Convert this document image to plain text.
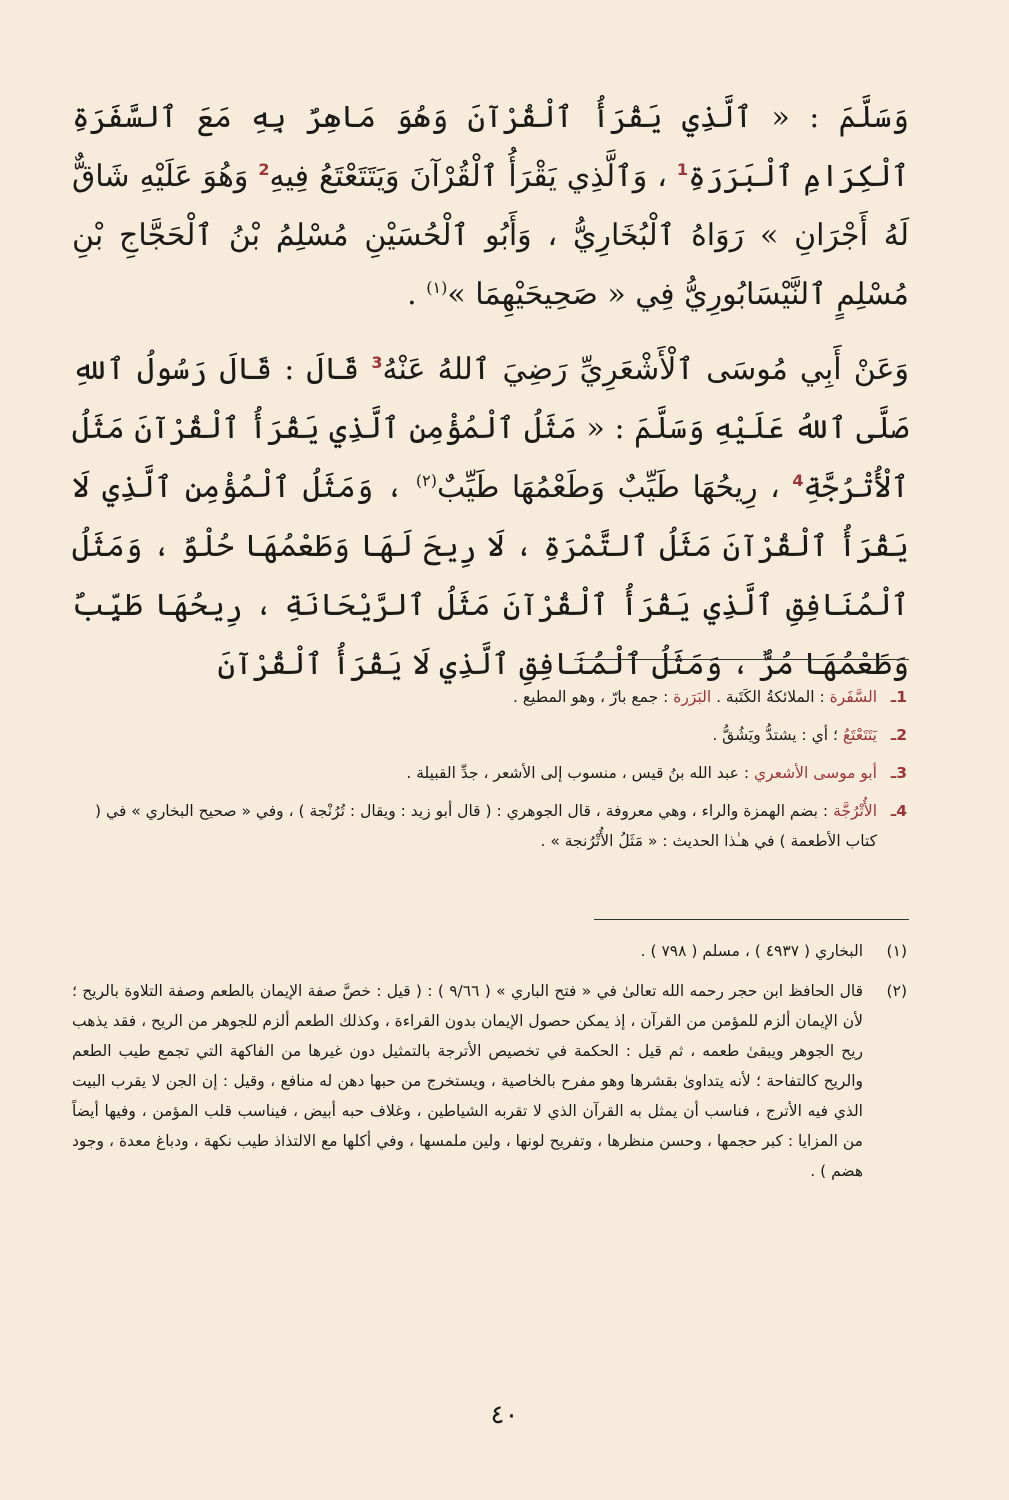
وَسَلَّمَ : « ٱلَّذِي يَقْرَأُ ٱلْقُرْآنَ وَهُوَ مَاهِرٌ بِهِ مَعَ ٱلسَّفَرَةِ ٱلْكِرَامِ ٱلْبَرَرَةِ$^1$ ، وَٱلَّذِي يَقْرَأُ ٱلْقُرْآنَ وَيَتَتَعْتَعُ فِيهِ$^2$ وَهُوَ عَلَيْهِ شَاقٌّ لَهُ أَجْرَانِ » رَوَاهُ ٱلْبُخَارِيُّ ، وَأَبُو ٱلْحُسَيْنِ مُسْلِمُ بْنُ ٱلْحَجَّاجِ بْنِ مُسْلِمٍ ٱلنَّيْسَابُورِيُّ فِي « صَحِيحَيْهِمَا »$^{(١)}$ .

وَعَنْ أَبِي مُوسَى ٱلْأَشْعَرِيِّ رَضِيَ ٱللهُ عَنْهُ$^3$ قَالَ : قَالَ رَسُولُ ٱللهِ صَلَّى ٱللهُ عَلَيْهِ وَسَلَّمَ : « مَثَلُ ٱلْمُؤْمِنِ ٱلَّذِي يَقْرَأُ ٱلْقُرْآنَ مَثَلُ ٱلْأُتْرُجَّةِ$^4$ ، رِيحُهَا طَيِّبٌ وَطَعْمُهَا طَيِّبٌ$^{(٢)}$ ، وَمَثَلُ ٱلْمُؤْمِنِ ٱلَّذِي لَا يَقْرَأُ ٱلْقُرْآنَ مَثَلُ ٱلتَّمْرَةِ ، لَا رِيحَ لَهَا وَطَعْمُهَا حُلْوٌ ، وَمَثَلُ ٱلْمُنَافِقِ ٱلَّذِي يَقْرَأُ ٱلْقُرْآنَ مَثَلُ ٱلرَّيْحَانَةِ ، رِيحُهَا طَيِّبٌ وَطَعْمُهَا مُرٌّ ، وَمَثَلُ ٱلْمُنَافِقِ ٱلَّذِي لَا يَقْرَأُ ٱلْقُرْآنَ

1ـ
السَّفَرة : الملائكةُ الكَتَبة . البَرَرة : جمع بارّ ، وهو المطيع .
2ـ
يَتَتَعْتَعُ ؛ أي : يشتدُّ ويَشُقُّ .
3ـ
أبو موسى الأشعري : عبد الله بنُ قيس ، منسوب إلى الأشعر ، جدِّ القبيلة .
4ـ
الأُتْرُجَّة : بضم الهمزة والراء ، وهي معروفة ، قال الجوهري : ( قال أبو زيد : ويقال : تُرُنْجة ) ، وفي « صحيح البخاري » في ( كتاب الأطعمة ) في هـٰذا الحديث : « مَثَلُ الأُتْرُنجة » .
(١)
البخاري ( ٤٩٣٧ ) ، مسلم ( ٧٩٨ ) .
(٢)
قال الحافظ ابن حجر رحمه الله تعالىٰ في « فتح الباري » ( ٩/٦٦ ) : ( قيل : خصَّ صفة الإيمان بالطعم وصفة التلاوة بالريح ؛ لأن الإيمان ألزم للمؤمن من القرآن ، إذ يمكن حصول الإيمان بدون القراءة ، وكذلك الطعم ألزم للجوهر من الريح ، فقد يذهب ريح الجوهر ويبقىٰ طعمه ، ثم قيل : الحكمة في تخصيص الأترجة بالتمثيل دون غيرها من الفاكهة التي تجمع طيب الطعم والريح كالتفاحة ؛ لأنه يتداوىٰ بقشرها وهو مفرح بالخاصية ، ويستخرج من حبها دهن له منافع ، وقيل : إن الجن لا يقرب البيت الذي فيه الأترج ، فناسب أن يمثل به القرآن الذي لا تقربه الشياطين ، وغلاف حبه أبيض ، فيناسب قلب المؤمن ، وفيها أيضاً من المزايا : كبر حجمها ، وحسن منظرها ، وتفريح لونها ، ولين ملمسها ، وفي أكلها مع الالتذاذ طيب نكهة ، ودباغ معدة ، وجود هضم ) .
٤٠
